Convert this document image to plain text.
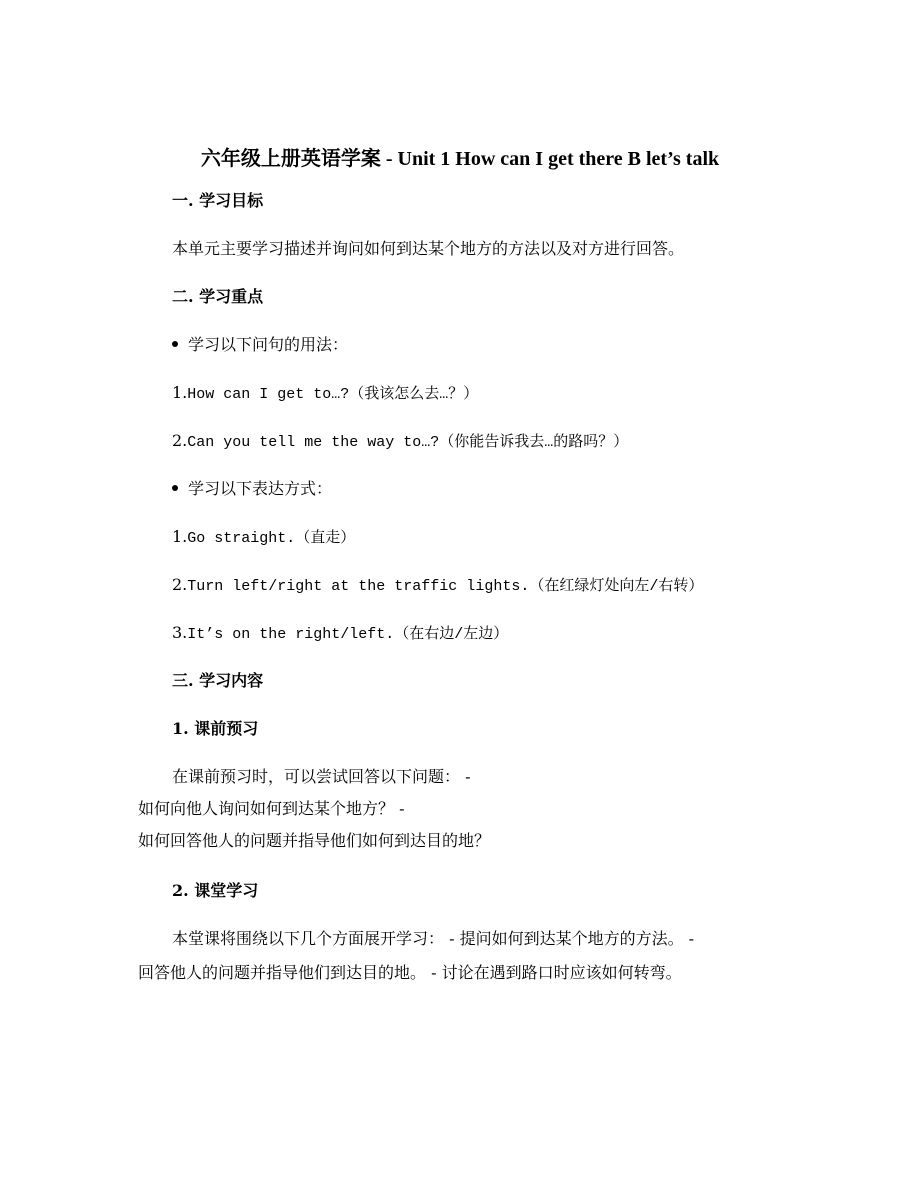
六年级上册英语学案 - Unit 1 How can I get there B let’s talk
一. 学习目标
本单元主要学习描述并询问如何到达某个地方的方法以及对方进行回答。
二. 学习重点
学习以下问句的用法：
1.How can I get to…?（我该怎么去…？）
2.Can you tell me the way to…?（你能告诉我去…的路吗？）
学习以下表达方式：
1.Go straight.（直走）
2.Turn left/right at the traffic lights.（在红绿灯处向左/右转）
3.It’s on the right/left.（在右边/左边）
三. 学习内容
1. 课前预习
在课前预习时，可以尝试回答以下问题： -
如何向他人询问如何到达某个地方？ -
如何回答他人的问题并指导他们如何到达目的地？
2. 课堂学习
本堂课将围绕以下几个方面展开学习： - 提问如何到达某个地方的方法。 -
回答他人的问题并指导他们到达目的地。 - 讨论在遇到路口时应该如何转弯。
